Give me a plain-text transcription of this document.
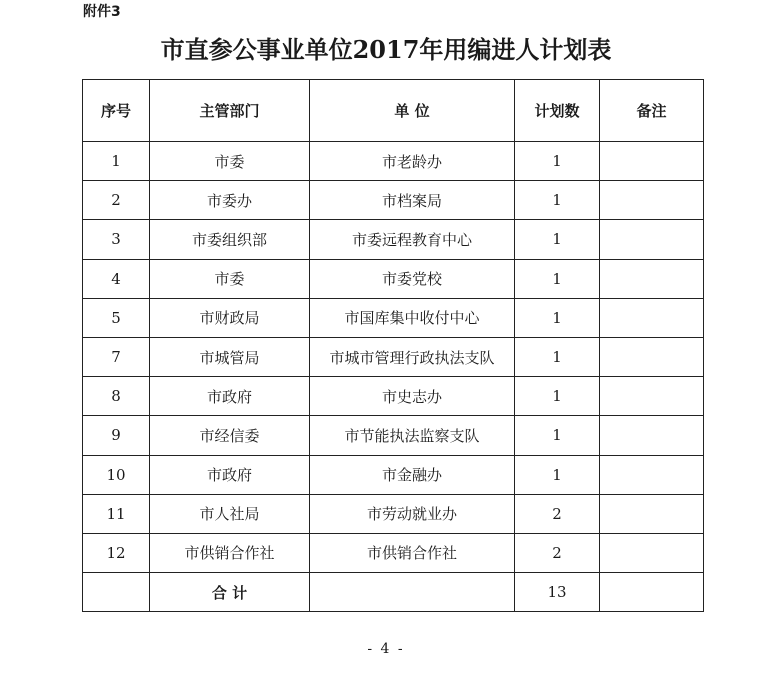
附件3
市直参公事业单位2017年用编进人计划表
序号	主管部门	单 位	计划数	备注
1	市委	市老龄办	1	
2	市委办	市档案局	1	
3	市委组织部	市委远程教育中心	1	
4	市委	市委党校	1	
5	市财政局	市国库集中收付中心	1	
7	市城管局	市城市管理行政执法支队	1	
8	市政府	市史志办	1	
9	市经信委	市节能执法监察支队	1	
10	市政府	市金融办	1	
11	市人社局	市劳动就业办	2	
12	市供销合作社	市供销合作社	2	
	合 计		13	
- 4 -
